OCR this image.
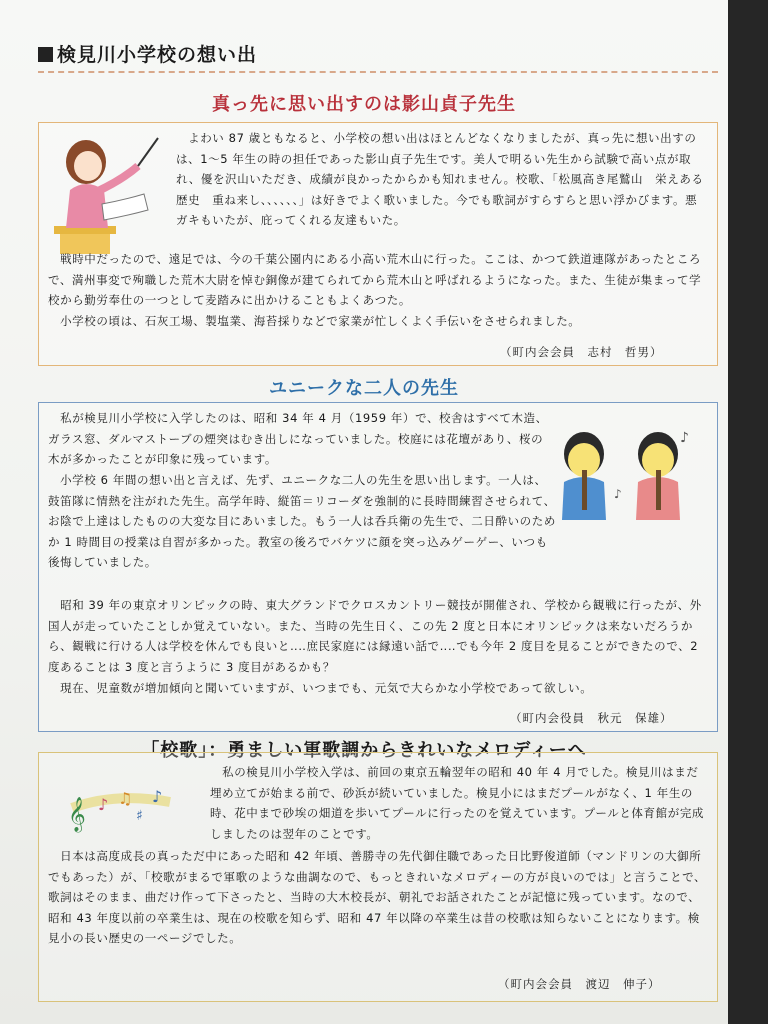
検見川小学校の想い出
真っ先に思い出すのは影山貞子先生

　よわい 87 歳ともなると、小学校の想い出はほとんどなくなりましたが、真っ先に想い出すのは、1～5 年生の時の担任であった影山貞子先生です。美人で明るい先生から試験で高い点が取れ、優を沢山いただき、成績が良かったからかも知れません。校歌、「松風高き尾鷲山　栄えある歴史　重ね来し、、、、、、」は好きでよく歌いました。今でも歌詞がすらすらと思い浮かびます。悪ガキもいたが、庇ってくれる友達もいた。

　戦時中だったので、遠足では、今の千葉公園内にある小高い荒木山に行った。ここは、かつて鉄道連隊があったところで、満州事変で殉職した荒木大尉を悼む銅像が建てられてから荒木山と呼ばれるようになった。また、生徒が集まって学校から勤労奉仕の一つとして麦踏みに出かけることもよくあつた。

　小学校の頃は、石灰工場、製塩業、海苔採りなどで家業が忙しくよく手伝いをさせられました。

（町内会会員　志村　哲男）
ユニークな二人の先生
♪
♪

　私が検見川小学校に入学したのは、昭和 34 年 4 月（1959 年）で、校舎はすべて木造、ガラス窓、ダルマストーブの煙突はむき出しになっていました。校庭には花壇があり、桜の木が多かったことが印象に残っています。

　小学校 6 年間の想い出と言えば、先ず、ユニークな二人の先生を思い出します。一人は、鼓笛隊に情熱を注がれた先生。高学年時、縦笛＝リコーダを強制的に長時間練習させられて、お陰で上達はしたものの大変な目にあいました。もう一人は呑兵衛の先生で、二日酔いのためか 1 時間目の授業は自習が多かった。教室の後ろでバケツに顔を突っ込みゲーゲー、いつも後悔していました。

　昭和 39 年の東京オリンピックの時、東大グランドでクロスカントリー競技が開催され、学校から観戦に行ったが、外国人が走っていたことしか覚えていない。また、当時の先生日く、この先 2 度と日本にオリンピックは来ないだろうから、観戦に行ける人は学校を休んでも良いと‥‥庶民家庭には縁遠い話で‥‥でも今年 2 度目を見ることができたので、2 度あることは 3 度と言うように 3 度目があるかも？

　現在、児童数が増加傾向と聞いていますが、いつまでも、元気で大らかな小学校であって欲しい。

（町内会役員　秋元　保雄）
「校歌」：勇ましい軍歌調からきれいなメロディーへ
𝄞 ♪ ♫
♯
♪

　私の検見川小学校入学は、前回の東京五輪翌年の昭和 40 年 4 月でした。検見川はまだ埋め立てが始まる前で、砂浜が続いていました。検見小にはまだプールがなく、1 年生の時、花中まで砂埃の畑道を歩いてプールに行ったのを覚えています。プールと体育館が完成しましたのは翌年のことです。

　日本は高度成長の真っただ中にあった昭和 42 年頃、善勝寺の先代御住職であった日比野俊道師（マンドリンの大御所でもあった）が、「校歌がまるで軍歌のような曲調なので、もっときれいなメロディーの方が良いのでは」と言うことで、歌詞はそのまま、曲だけ作って下さったと、当時の大木校長が、朝礼でお話されたことが記憶に残っています。なので、昭和 43 年度以前の卒業生は、現在の校歌を知らず、昭和 47 年以降の卒業生は昔の校歌は知らないことになります。検見小の長い歴史の一ページでした。

（町内会会員　渡辺　伸子）
